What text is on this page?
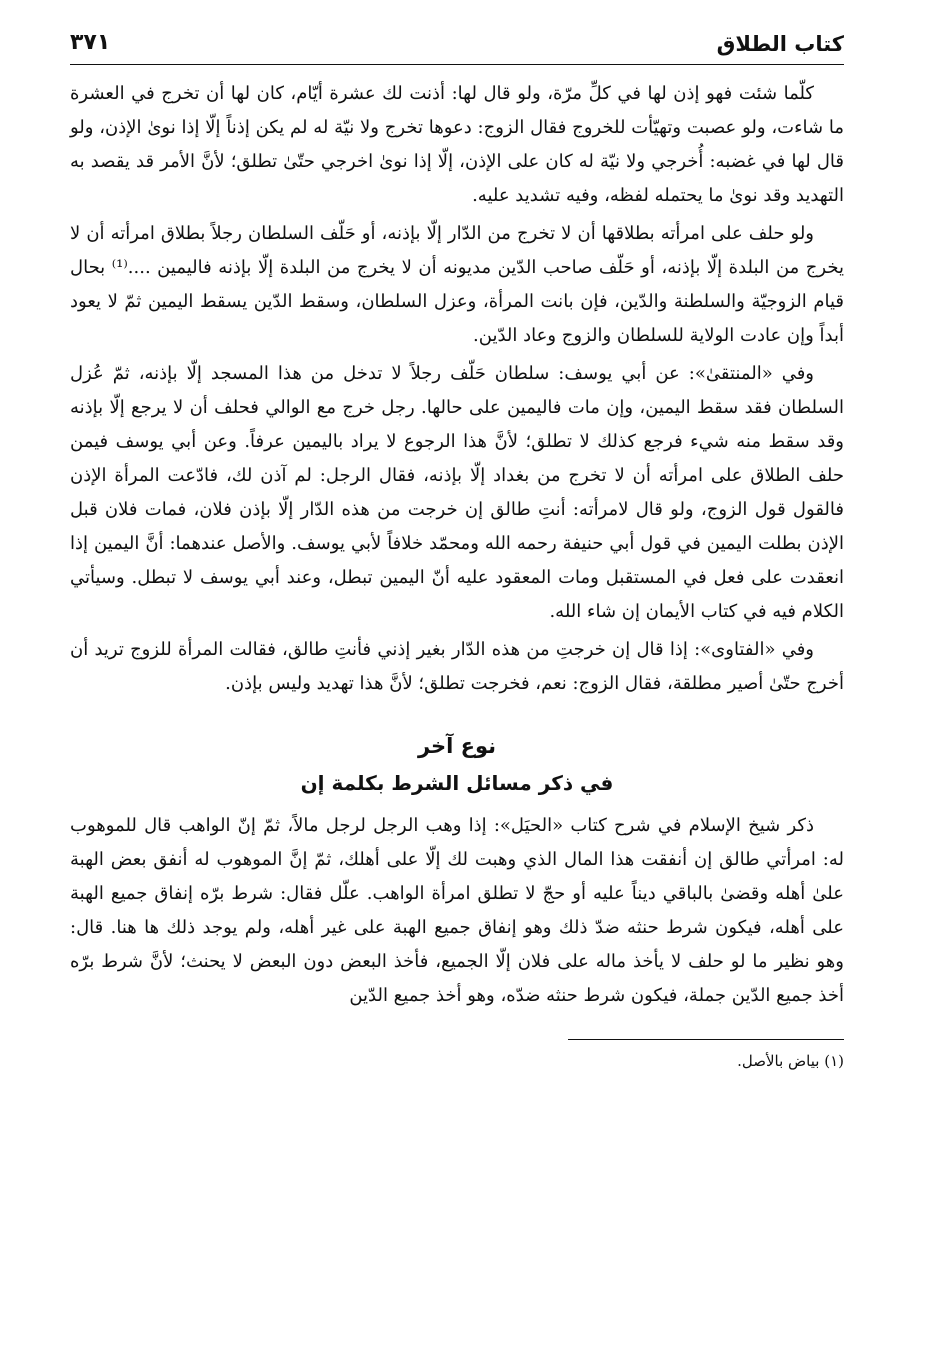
كتاب الطلاق
٣٧١

كلّما شئت فهو إذن لها في كلِّ مرّة، ولو قال لها: أذنت لك عشرة أيّام، كان لها أن تخرج في العشرة ما شاءت، ولو عصبت وتهيّأت للخروج فقال الزوج: دعوها تخرج ولا نيّة له لم يكن إذناً إلّا إذا نوىٰ الإذن، ولو قال لها في غضبه: أُخرجي ولا نيّة له كان على الإذن، إلّا إذا نوىٰ اخرجي حتّىٰ تطلق؛ لأنَّ الأمر قد يقصد به التهديد وقد نوىٰ ما يحتمله لفظه، وفيه تشديد عليه.

ولو حلف على امرأته بطلاقها أن لا تخرج من الدّار إلّا بإذنه، أو حَلّف السلطان رجلاً بطلاق امرأته أن لا يخرج من البلدة إلّا بإذنه، أو حَلّف صاحب الدّين مديونه أن لا يخرج من البلدة إلّا بإذنه فاليمين ....⁽¹⁾ بحال قيام الزوجيّة والسلطنة والدّين، فإن بانت المرأة، وعزل السلطان، وسقط الدّين يسقط اليمين ثمّ لا يعود أبداً وإن عادت الولاية للسلطان والزوج وعاد الدّين.

وفي «المنتقىٰ»: عن أبي يوسف: سلطان حَلّف رجلاً لا تدخل من هذا المسجد إلّا بإذنه، ثمّ عُزل السلطان فقد سقط اليمين، وإن مات فاليمين على حالها. رجل خرج مع الوالي فحلف أن لا يرجع إلّا بإذنه وقد سقط منه شيء فرجع كذلك لا تطلق؛ لأنَّ هذا الرجوع لا يراد باليمين عرفاً. وعن أبي يوسف فيمن حلف الطلاق على امرأته أن لا تخرج من بغداد إلّا بإذنه، فقال الرجل: لم آذن لك، فادّعت المرأة الإذن فالقول قول الزوج، ولو قال لامرأته: أنتِ طالق إن خرجت من هذه الدّار إلّا بإذن فلان، فمات فلان قبل الإذن بطلت اليمين في قول أبي حنيفة رحمه الله ومحمّد خلافاً لأبي يوسف. والأصل عندهما: أنَّ اليمين إذا انعقدت على فعل في المستقبل ومات المعقود عليه أنّ اليمين تبطل، وعند أبي يوسف لا تبطل. وسيأتي الكلام فيه في كتاب الأيمان إن شاء الله.

وفي «الفتاوى»: إذا قال إن خرجتِ من هذه الدّار بغير إذني فأنتِ طالق، فقالت المرأة للزوج تريد أن أخرج حتّىٰ أصير مطلقة، فقال الزوج: نعم، فخرجت تطلق؛ لأنَّ هذا تهديد وليس بإذن.

نوع آخر
في ذكر مسائل الشرط بكلمة إن

ذكر شيخ الإسلام في شرح كتاب «الحيَل»: إذا وهب الرجل لرجل مالاً، ثمّ إنّ الواهب قال للموهوب له: امرأتي طالق إن أنفقت هذا المال الذي وهبت لك إلّا على أهلك، ثمّ إنَّ الموهوب له أنفق بعض الهبة علىٰ أهله وقضىٰ بالباقي ديناً عليه أو حجّ لا تطلق امرأة الواهب. علّل فقال: شرط برّه إنفاق جميع الهبة على أهله، فيكون شرط حنثه ضدّ ذلك وهو إنفاق جميع الهبة على غير أهله، ولم يوجد ذلك ها هنا. قال: وهو نظير ما لو حلف لا يأخذ ماله على فلان إلّا الجميع، فأخذ البعض دون البعض لا يحنث؛ لأنَّ شرط برّه أخذ جميع الدّين جملة، فيكون شرط حنثه ضدّه، وهو أخذ جميع الدّين

(١) بياض بالأصل.
